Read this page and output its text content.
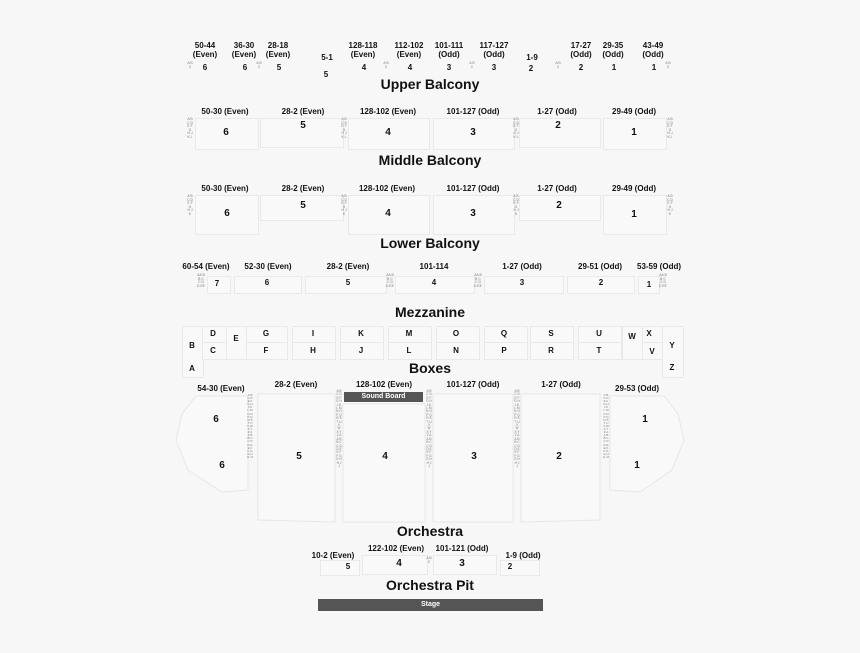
50-44
(Even)
36-30
(Even)
28-18
(Even)	5-1
128-118
(Even)
112-102
(Even)
101-111
(Odd)
117-127
(Odd)	1-9
17-27
(Odd)
29-35
(Odd)
43-49
(Odd)
A B C
A B C
A B C
A B C
A B C
A B C
6	6	5
5
4	4	3	3	2	2	1	1
Upper Balcony
50-30 (Even)	28-2 (Even)	128-102 (Even)	101-127 (Odd)	1-27 (Odd)	29-49 (Odd)
A B C D E F G H J K L
A B C D E F G H J K L
A B C D E F G H J K L
A B C D E F G H J K L
6
5
4	3
2
1
Middle Balcony
50-30 (Even)	28-2 (Even)	128-102 (Even)	101-127 (Odd)	1-27 (Odd)	29-49 (Odd)
A B C D E F G H J K
A B C D E F G H J K
A B C D E F G H J K
A B C D E F G H J K
6
5
4	3
2
1
Lower Balcony
60-54 (Even) 52-30 (Even)	28-2 (Even)	101-114	1-27 (Odd)	29-51 (Odd) 53-59 (Odd)
AA BB CC DD EE
AA BB CC DD EE
AA BB CC DD EE
AA BB CC DD EE
7	6	5	4	3	2	1
Mezzanine
D
E
G	I	K	M	O	Q	S	U	W X
C	F	H	J	L	N	P	R	T	V
B
A
Y
Z
Boxes
54-30 (Even)	28-2 (Even)	128-102 (Even)	101-127 (Odd)	1-27 (Odd)	29-53 (Odd)
Sound Board
A B C D E F G H J K L M N O P Q R S T U V W X Y Z AA BB CC DD EE FF GG HH JJ
A B C D E F G H J K L M N O P Q R S T U V W X Y Z AA BB CC DD EE FF GG HH JJ
A B C D E F G H J K L M N O P Q R S T U V W X Y Z AA BB CC DD EE FF GG HH JJ
A B C D E F G H J K L M N O P Q R S T U V W X Y Z AA BB CC DD EE FF GG HH JJ
A B C D E F G H J K L M N O P Q R S T U V W X Y Z AA BB CC DD EE FF GG HH JJ
6
6
5	4	3	2
1
1
Orchestra
10-2 (Even)
122-102 (Even) 101-121 (Odd)
1-9 (Odd)
A B C
5	4	3	2
Orchestra Pit
Stage
